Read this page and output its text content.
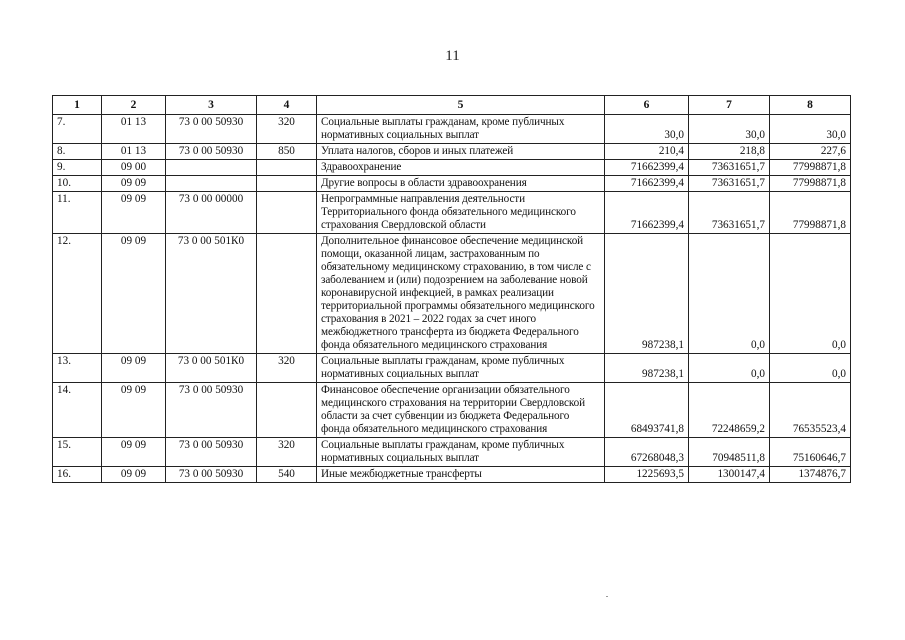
11
1	2	3	4	5	6	7	8
7.	01 13	73 0 00 50930	320	Социальные выплаты гражданам, кроме публичных нормативных социальных выплат	30,0	30,0	30,0
8.	01 13	73 0 00 50930	850	Уплата налогов, сборов и иных платежей	210,4	218,8	227,6
9.	09 00			Здравоохранение	71662399,4	73631651,7	77998871,8
10.	09 09			Другие вопросы в области здравоохранения	71662399,4	73631651,7	77998871,8
11.	09 09	73 0 00 00000		Непрограммные направления деятельности Территориального фонда обязательного медицинского страхования Свердловской области	71662399,4	73631651,7	77998871,8
12.	09 09	73 0 00 501К0		Дополнительное финансовое обеспечение медицинской помощи, оказанной лицам, застрахованным по обязательному медицинскому страхованию, в том числе с заболеванием и (или) подозрением на заболевание новой коронавирусной инфекцией, в рамках реализации территориальной программы обязательного медицинского страхования в 2021 – 2022 годах за счет иного межбюджетного трансферта из бюджета Федерального фонда обязательного медицинского страхования	987238,1	0,0	0,0
13.	09 09	73 0 00 501К0	320	Социальные выплаты гражданам, кроме публичных нормативных социальных выплат	987238,1	0,0	0,0
14.	09 09	73 0 00 50930		Финансовое обеспечение организации обязательного медицинского страхования на территории Свердловской области за счет субвенции из бюджета Федерального фонда обязательного медицинского страхования	68493741,8	72248659,2	76535523,4
15.	09 09	73 0 00 50930	320	Социальные выплаты гражданам, кроме публичных нормативных социальных выплат	67268048,3	70948511,8	75160646,7
16.	09 09	73 0 00 50930	540	Иные межбюджетные трансферты	1225693,5	1300147,4	1374876,7
